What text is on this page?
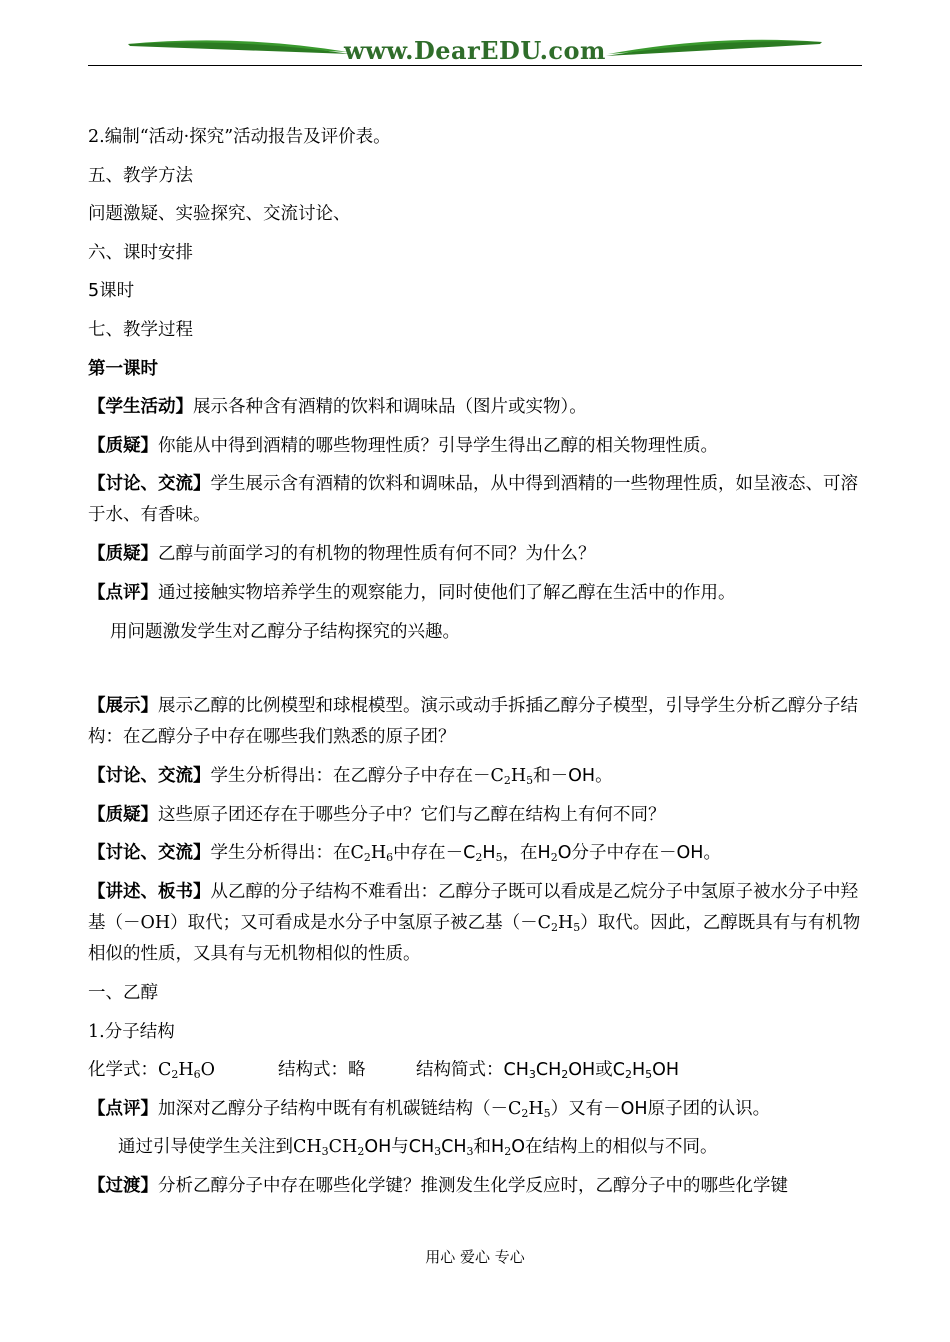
www.DearEDU.com

2.编制“活动·探究”活动报告及评价表。

五、教学方法

问题激疑、实验探究、交流讨论、

六、课时安排

5课时

七、教学过程

第一课时

【学生活动】展示各种含有酒精的饮料和调味品（图片或实物）。

【质疑】你能从中得到酒精的哪些物理性质？引导学生得出乙醇的相关物理性质。

【讨论、交流】学生展示含有酒精的饮料和调味品，从中得到酒精的一些物理性质，如呈液态、可溶于水、有香味。

【质疑】乙醇与前面学习的有机物的物理性质有何不同？为什么？

【点评】通过接触实物培养学生的观察能力，同时使他们了解乙醇在生活中的作用。

用问题激发学生对乙醇分子结构探究的兴趣。

【展示】展示乙醇的比例模型和球棍模型。演示或动手拆插乙醇分子模型，引导学生分析乙醇分子结构：在乙醇分子中存在哪些我们熟悉的原子团？

【讨论、交流】学生分析得出：在乙醇分子中存在$-C_2H_5$和－OH。

【质疑】这些原子团还存在于哪些分子中？它们与乙醇在结构上有何不同？

【讨论、交流】学生分析得出：在$C_2H_6$中存在$-C_2H_5$，在$H_2O$分子中存在－OH。

【讲述、板书】从乙醇的分子结构不难看出：乙醇分子既可以看成是乙烷分子中氢原子被水分子中羟基（－OH）取代；又可看成是水分子中氢原子被乙基$(-C_2H_5)$取代。因此，乙醇既具有与有机物相似的性质，又具有与无机物相似的性质。

一、乙醇

1.分子结构

化学式：$C_2H_6O$	结构式：略	结构简式：$CH_3CH_2OH$或$C_2H_5OH$

【点评】加深对乙醇分子结构中既有有机碳链结构$(-C_2H_5)$又有－OH原子团的认识。

通过引导使学生关注到$CH_3CH_2OH$与$CH_3CH_3$和$H_2O$在结构上的相似与不同。

【过渡】分析乙醇分子中存在哪些化学键？推测发生化学反应时，乙醇分子中的哪些化学键

用心 爱心 专心
